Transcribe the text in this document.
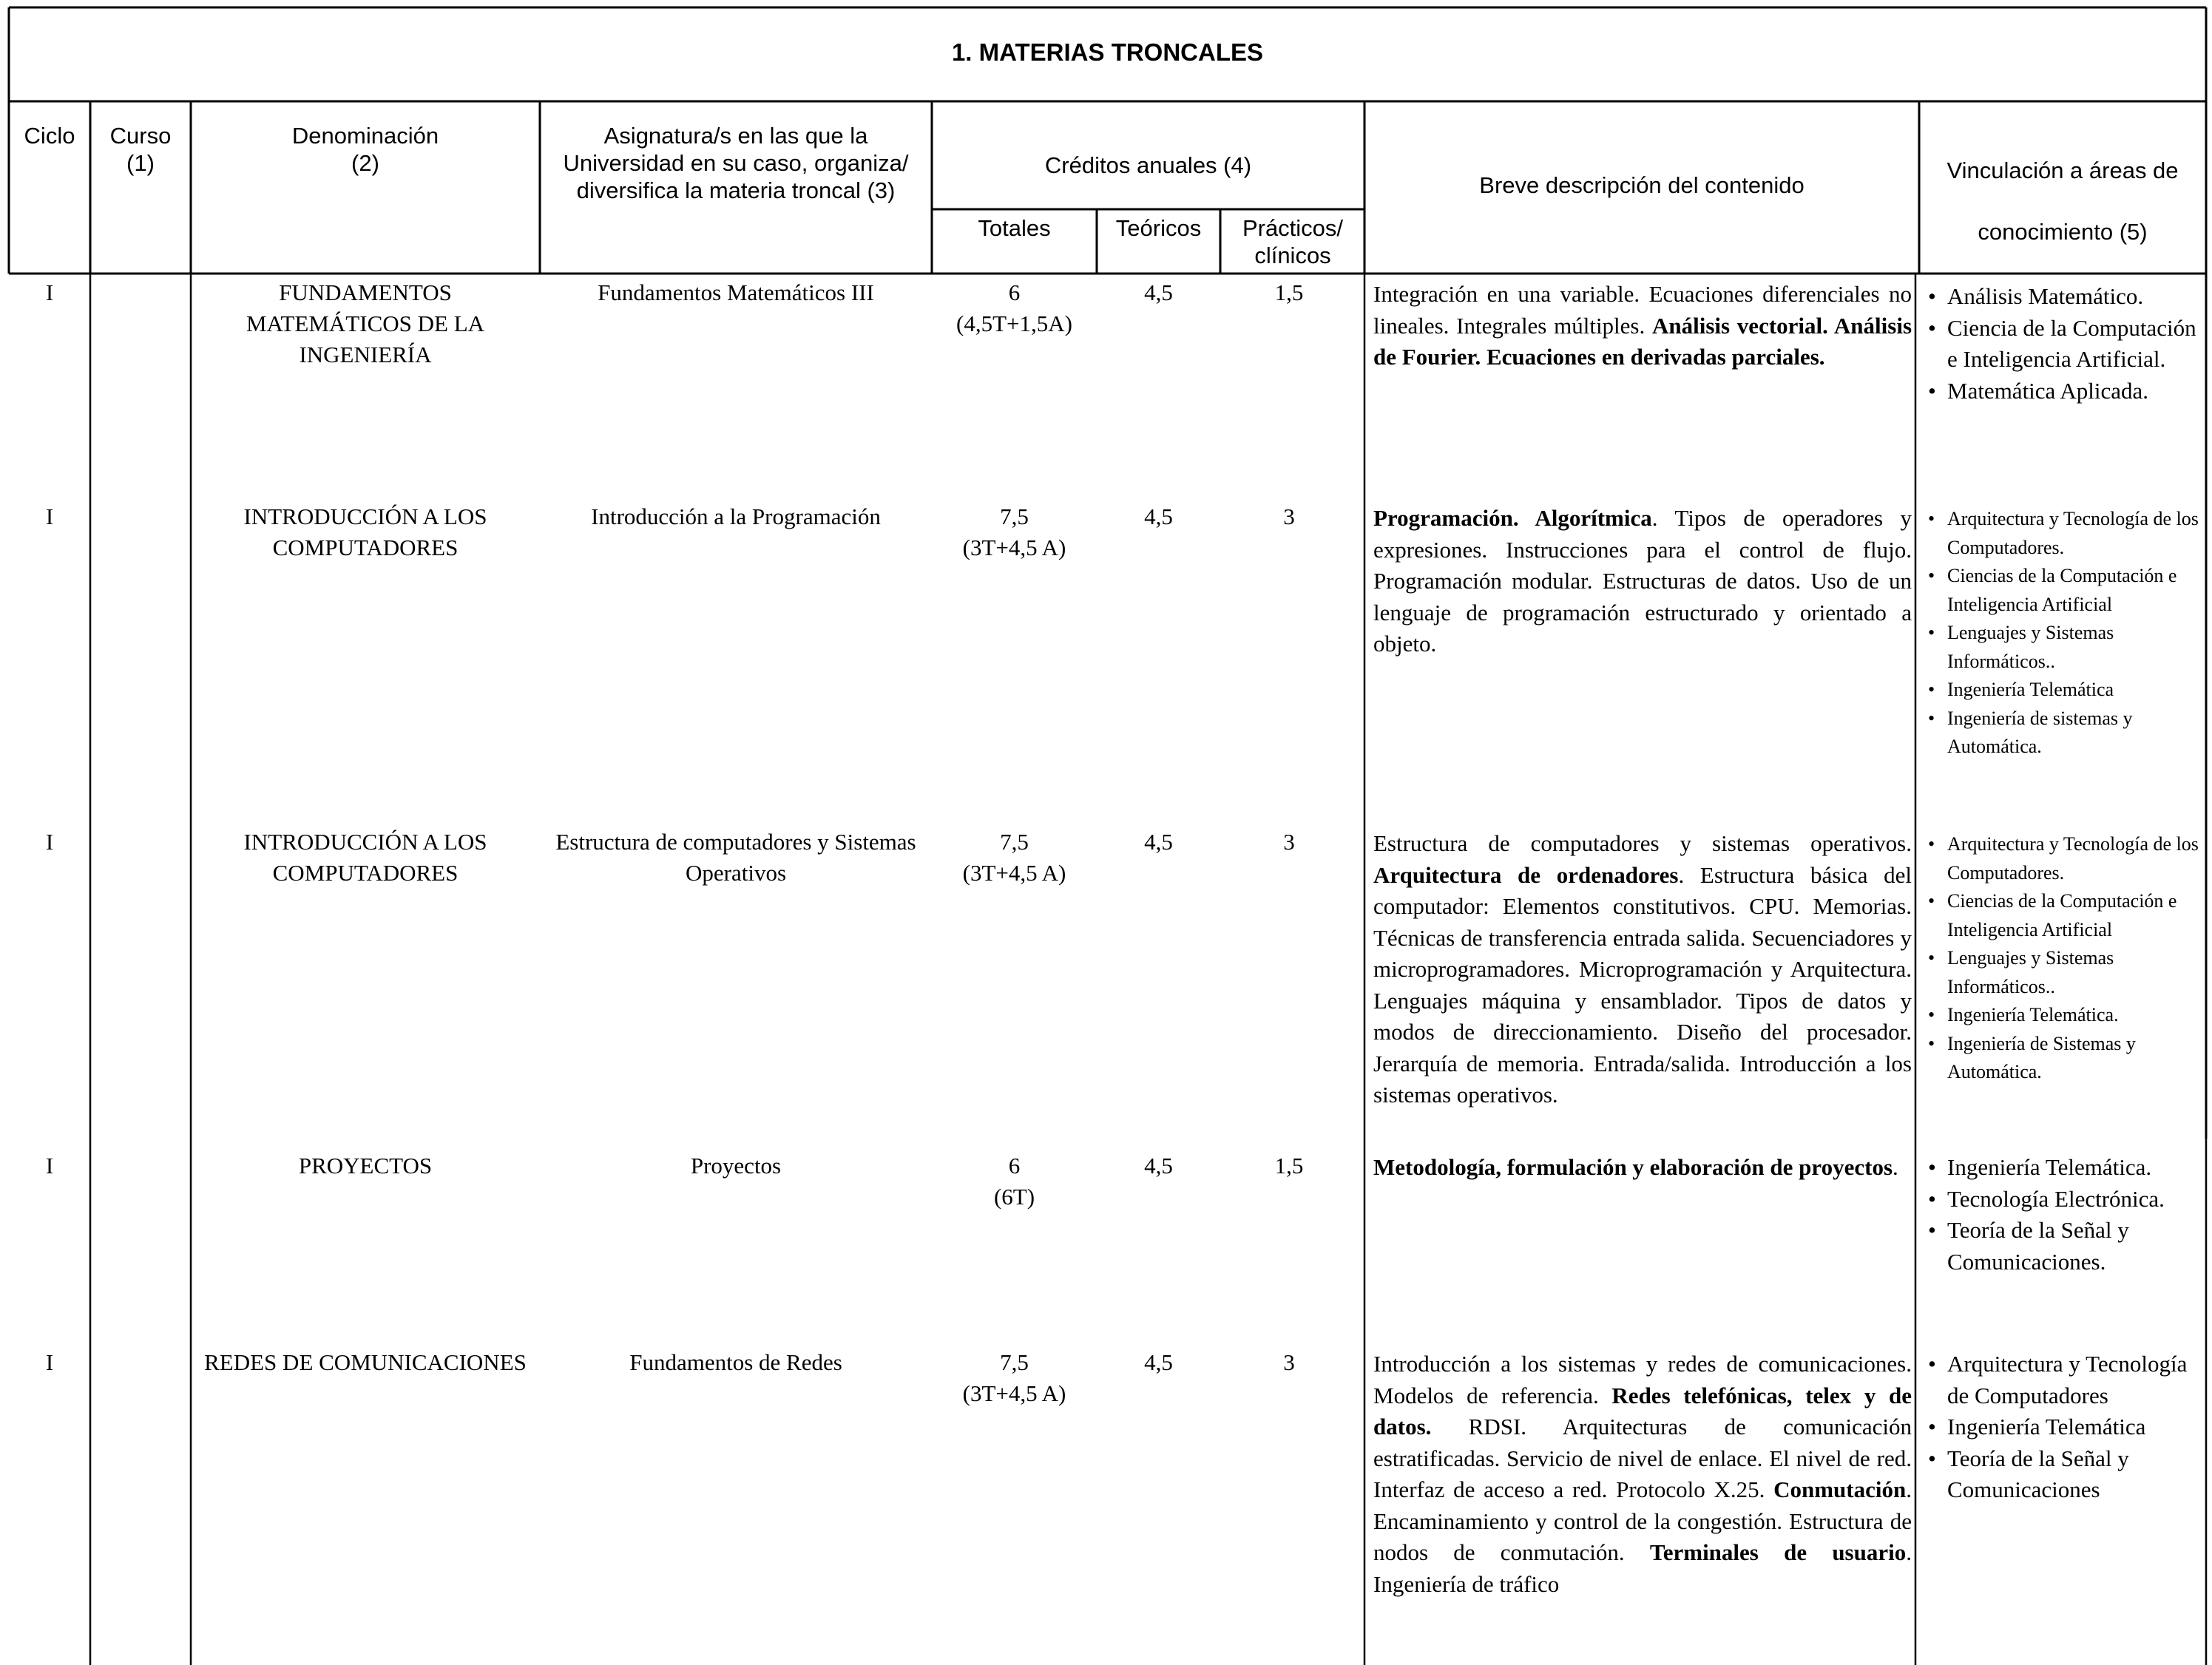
1. MATERIAS TRONCALES
Ciclo	Curso
(1)
Denominación
(2)
Asignatura/s en las que la Universidad en su caso, organiza/ diversifica la materia troncal (3)
Créditos anuales (4)
Totales	Teóricos	Prácticos/ clínicos
Breve descripción del contenido
Vinculación a áreas de
conocimiento (5)
I	FUNDAMENTOS MATEMÁTICOS DE LA INGENIERÍA
Fundamentos Matemáticos III	6
(4,5T+1,5A)
4,5	1,5	Integración en una variable. Ecuaciones diferenciales no lineales. Integrales múltiples. Análisis vectorial. Análisis de Fourier. Ecuaciones en derivadas parciales.
• Análisis Matemático.
• Ciencia de la Computación e Inteligencia Artificial.
• Matemática Aplicada.
I	INTRODUCCIÓN A LOS COMPUTADORES
Introducción a la Programación	7,5
(3T+4,5 A)
4,5	3	Programación. Algorítmica. Tipos de operadores y expresiones. Instrucciones para el control de flujo. Programación modular. Estructuras de datos. Uso de un lenguaje de programación estructurado y orientado a objeto.
• Arquitectura y Tecnología de los Computadores.
• Ciencias de la Computación e Inteligencia Artificial
• Lenguajes y Sistemas Informáticos..
• Ingeniería Telemática
• Ingeniería de sistemas y Automática.
I	INTRODUCCIÓN A LOS COMPUTADORES
Estructura de computadores y Sistemas Operativos
7,5
(3T+4,5 A)
4,5	3	Estructura de computadores y sistemas operativos. Arquitectura de ordenadores. Estructura básica del computador: Elementos constitutivos. CPU. Memorias. Técnicas de transferencia entrada salida. Secuenciadores y microprogramadores. Microprogramación y Arquitectura. Lenguajes máquina y ensamblador. Tipos de datos y modos de direccionamiento. Diseño del procesador. Jerarquía de memoria. Entrada/salida. Introducción a los sistemas operativos.
• Arquitectura y Tecnología de los Computadores.
• Ciencias de la Computación e Inteligencia Artificial
• Lenguajes y Sistemas Informáticos..
• Ingeniería Telemática.
• Ingeniería de Sistemas y Automática.
I	PROYECTOS	Proyectos	6
(6T)
4,5	1,5	Metodología, formulación y elaboración de proyectos.
•	Ingeniería Telemática.
• Tecnología Electrónica.
• Teoría de la Señal y Comunicaciones.
I	REDES DE COMUNICACIONES	Fundamentos de Redes	7,5
(3T+4,5 A)
4,5	3	Introducción a los sistemas y redes de comunicaciones. Modelos de referencia. Redes telefónicas, telex y de datos. RDSI. Arquitecturas de comunicación estratificadas. Servicio de nivel de enlace. El nivel de red. Interfaz de acceso a red. Protocolo X.25. Conmutación. Encaminamiento y control de la congestión. Estructura de nodos de conmutación. Terminales de usuario. Ingeniería de tráfico
• Arquitectura y Tecnología de Computadores
• Ingeniería Telemática
• Teoría de la Señal y Comunicaciones
